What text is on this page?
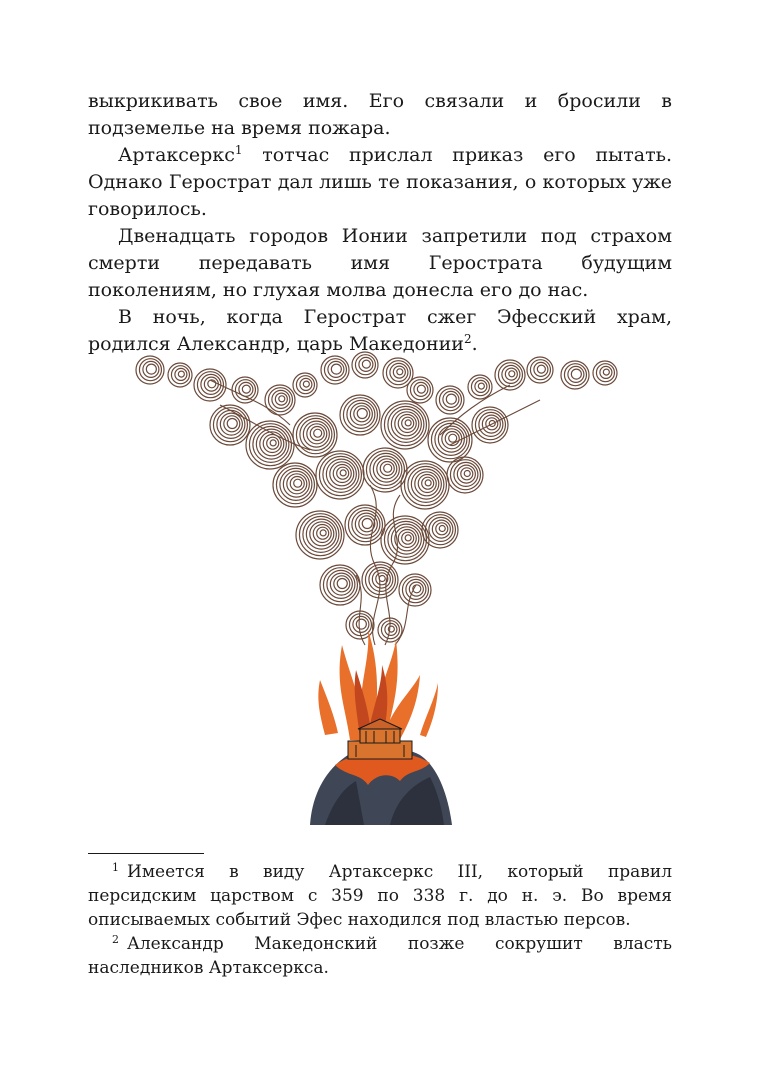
выкрикивать свое имя. Его связали и бросили в подземелье на время пожара.

Артаксеркс$^1$ тотчас прислал приказ его пытать. Однако Герострат дал лишь те показания, о которых уже говорилось.

Двенадцать городов Ионии запретили под страхом смерти передавать имя Герострата будущим поколениям, но глухая молва донесла его до нас.

В ночь, когда Герострат сжег Эфесский храм, родился Александр, царь Македонии$^2$.

$^1$ Имеется в виду Артаксеркс III, который правил персидским царством с 359 по 338 г. до н. э. Во время описываемых событий Эфес находился под властью персов.

$^2$ Александр Македонский позже сокрушит власть наследников Артаксеркса.
